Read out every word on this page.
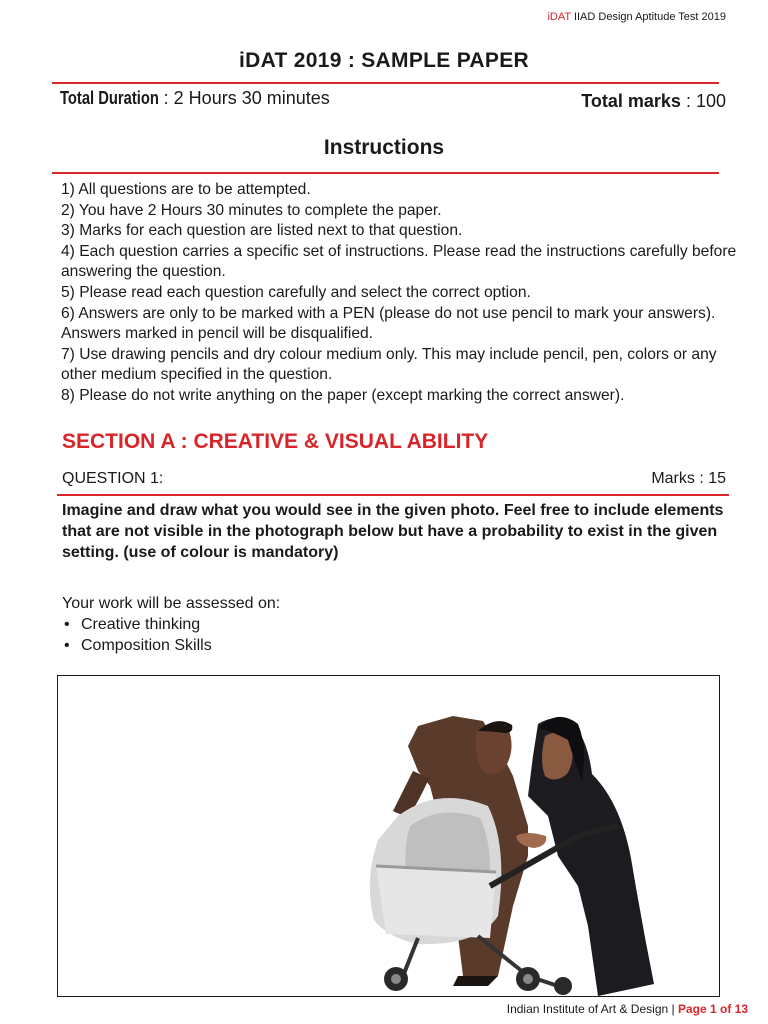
iDAT IIAD Design Aptitude Test 2019
iDAT 2019 : SAMPLE PAPER
Total Duration : 2 Hours 30 minutes	Total marks : 100
Instructions
1) All questions are to be attempted.
2) You have 2 Hours 30 minutes to complete the paper.
3) Marks for each question are listed next to that question.
4) Each question carries a specific set of instructions. Please read the instructions carefully before answering the question.
5) Please read each question carefully and select the correct option.
6) Answers are only to be marked with a PEN (please do not use pencil to mark your answers). Answers marked in pencil will be disqualified.
7) Use drawing pencils and dry colour medium only. This may include pencil, pen, colors or any other medium specified in the question.
8) Please do not write anything on the paper (except marking the correct answer).
SECTION A : CREATIVE & VISUAL ABILITY
QUESTION 1:	Marks : 15
Imagine and draw what you would see in the given photo. Feel free to include elements that are not visible in the photograph below but have a probability to exist in the given setting. (use of colour is mandatory)
Your work will be assessed on:
• Creative thinking
• Composition Skills
Indian Institute of Art & Design | Page 1 of 13
